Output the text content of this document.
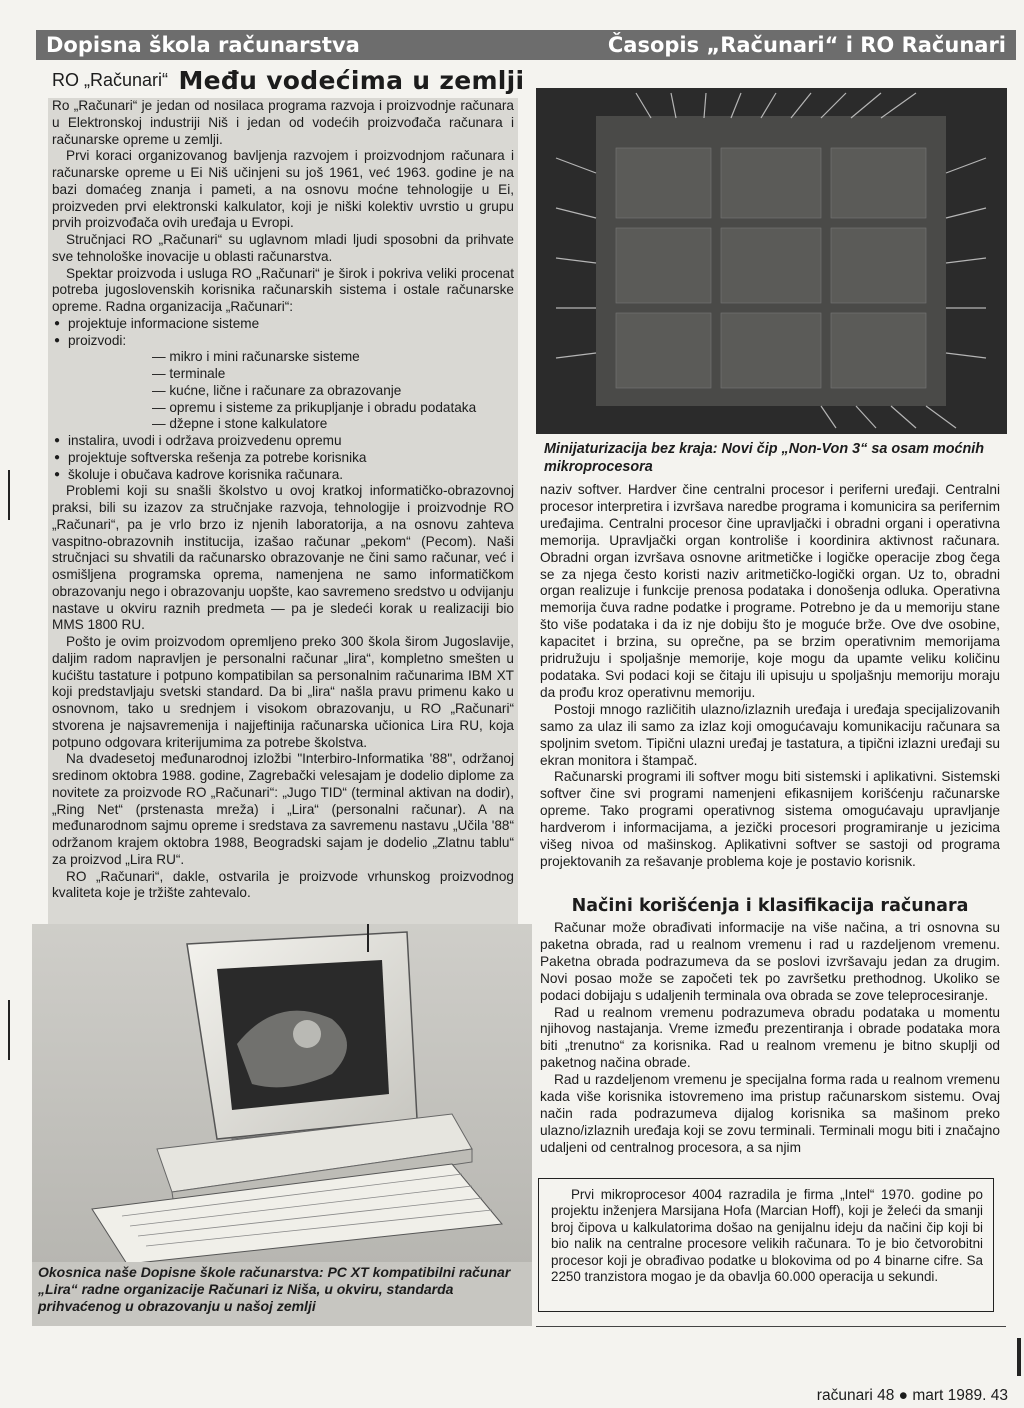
Dopisna škola računarstva	Časopis „Računari“ i RO Računari
RO „Računari“ Među vodećima u zemlji

Ro „Računari“ je jedan od nosilaca programa razvoja i proizvodnje računara u Elektronskoj industriji Niš i jedan od vodećih proizvođača računara i računarske opreme u zemlji.

Prvi koraci organizovanog bavljenja razvojem i proizvodnjom računara i računarske opreme u Ei Niš učinjeni su još 1961, već 1963. godine je na bazi domaćeg znanja i pameti, a na osnovu moćne tehnologije u Ei, proizveden prvi elektronski kalkulator, koji je niški kolektiv uvrstio u grupu prvih proizvođača ovih uređaja u Evropi.

Stručnjaci RO „Računari“ su uglavnom mladi ljudi sposobni da prihvate sve tehnološke inovacije u oblasti računarstva.

Spektar proizvoda i usluga RO „Računari“ je širok i pokriva veliki procenat potreba jugoslovenskih korisnika računarskih sistema i ostale računarske opreme. Radna organizacija „Računari“:

● projektuje informacione sisteme
● proizvodi:
— mikro i mini računarske sisteme
— terminale
— kućne, lične i računare za obrazovanje
— opremu i sisteme za prikupljanje i obradu podataka
— džepne i stone kalkulatore
● instalira, uvodi i održava proizvedenu opremu
● projektuje softverska rešenja za potrebe korisnika
● školuje i obučava kadrove korisnika računara.

Problemi koji su snašli školstvo u ovoj kratkoj informatičko-obrazovnoj praksi, bili su izazov za stručnjake razvoja, tehnologije i proizvodnje RO „Računari“, pa je vrlo brzo iz njenih laboratorija, a na osnovu zahteva vaspitno-obrazovnih institucija, izašao računar „pekom“ (Pecom). Naši stručnjaci su shvatili da računarsko obrazovanje ne čini samo računar, već i osmišljena programska oprema, namenjena ne samo informatičkom obrazovanju nego i obrazovanju uopšte, kao savremeno sredstvo u odvijanju nastave u okviru raznih predmeta — pa je sledeći korak u realizaciji bio MMS 1800 RU.

Pošto je ovim proizvodom opremljeno preko 300 škola širom Jugoslavije, daljim radom napravljen je personalni računar „lira“, kompletno smešten u kućištu tastature i potpuno kompatibilan sa personalnim računarima IBM XT koji predstavljaju svetski standard. Da bi „lira“ našla pravu primenu kako u osnovnom, tako u srednjem i visokom obrazovanju, u RO „Računari“ stvorena je najsavremenija i najjeftinija računarska učionica Lira RU, koja potpuno odgovara kriterijumima za potrebe školstva.

Na dvadesetoj međunarodnoj izložbi "Interbiro-Informatika '88", održanoj sredinom oktobra 1988. godine, Zagrebački velesajam je dodelio diplome za novitete za proizvode RO „Računari“: „Jugo TID“ (terminal aktivan na dodir), „Ring Net“ (prstenasta mreža) i „Lira“ (personalni računar). A na međunarodnom sajmu opreme i sredstava za savremenu nastavu „Učila '88“ održanom krajem oktobra 1988, Beogradski sajam je dodelio „Zlatnu tablu“ za proizvod „Lira RU“.

RO „Računari“, dakle, ostvarila je proizvode vrhunskog proizvodnog kvaliteta koje je tržište zahtevalo.

Okosnica naše Dopisne škole računarstva: PC XT kompatibilni računar „Lira“ radne organizacije Računari iz Niša, u okviru, standarda prihvaćenog u obrazovanju u našoj zemlji
Minijaturizacija bez kraja: Novi čip „Non-Von 3“ sa osam moćnih mikroprocesora

naziv softver. Hardver čine centralni procesor i periferni uređaji. Centralni procesor interpretira i izvršava naredbe programa i komunicira sa perifernim uređajima. Centralni procesor čine upravljački i obradni organi i operativna memorija. Upravljački organ kontroliše i koordinira aktivnost računara. Obradni organ izvršava osnovne aritmetičke i logičke operacije zbog čega se za njega često koristi naziv aritmetičko-logički organ. Uz to, obradni organ realizuje i funkcije prenosa podataka i donošenja odluka. Operativna memorija čuva radne podatke i programe. Potrebno je da u memoriju stane što više podataka i da iz nje dobiju što je moguće brže. Ove dve osobine, kapacitet i brzina, su oprečne, pa se brzim operativnim memorijama pridružuju i spoljašnje memorije, koje mogu da upamte veliku količinu podataka. Svi podaci koji se čitaju ili upisuju u spoljašnju memoriju moraju da prođu kroz operativnu memoriju.

Postoji mnogo različitih ulazno/izlaznih uređaja i uređaja specijalizovanih samo za ulaz ili samo za izlaz koji omogućavaju komunikaciju računara sa spoljnim svetom. Tipični ulazni uređaj je tastatura, a tipični izlazni uređaji su ekran monitora i štampač.

Računarski programi ili softver mogu biti sistemski i aplikativni. Sistemski softver čine svi programi namenjeni efikasnijem korišćenju računarske opreme. Tako programi operativnog sistema omogućavaju upravljanje hardverom i informacijama, a jezički procesori programiranje u jezicima višeg nivoa od mašinskog. Aplikativni softver se sastoji od programa projektovanih za rešavanje problema koje je postavio korisnik.

Načini korišćenja i klasifikacija računara

Računar može obrađivati informacije na više načina, a tri osnovna su paketna obrada, rad u realnom vremenu i rad u razdeljenom vremenu. Paketna obrada podrazumeva da se poslovi izvršavaju jedan za drugim. Novi posao može se započeti tek po završetku prethodnog. Ukoliko se podaci dobijaju s udaljenih terminala ova obrada se zove teleprocesiranje.

Rad u realnom vremenu podrazumeva obradu podataka u momentu njihovog nastajanja. Vreme između prezentiranja i obrade podataka mora biti „trenutno“ za korisnika. Rad u realnom vremenu je bitno skuplji od paketnog načina obrade.

Rad u razdeljenom vremenu je specijalna forma rada u realnom vremenu kada više korisnika istovremeno ima pristup računarskom sistemu. Ovaj način rada podrazumeva dijalog korisnika sa mašinom preko ulazno/izlaznih uređaja koji se zovu terminali. Terminali mogu biti i značajno udaljeni od centralnog procesora, a sa njim

Prvi mikroprocesor 4004 razradila je firma „Intel“ 1970. godine po projektu inženjera Marsijana Hofa (Marcian Hoff), koji je želeći da smanji broj čipova u kalkulatorima došao na genijalnu ideju da načini čip koji bi bio nalik na centralne procesore velikih računara. To je bio četvorobitni procesor koji je obrađivao podatke u blokovima od po 4 binarne cifre. Sa 2250 tranzistora mogao je da obavlja 60.000 operacija u sekundi.

računari 48 ● mart 1989. 43
